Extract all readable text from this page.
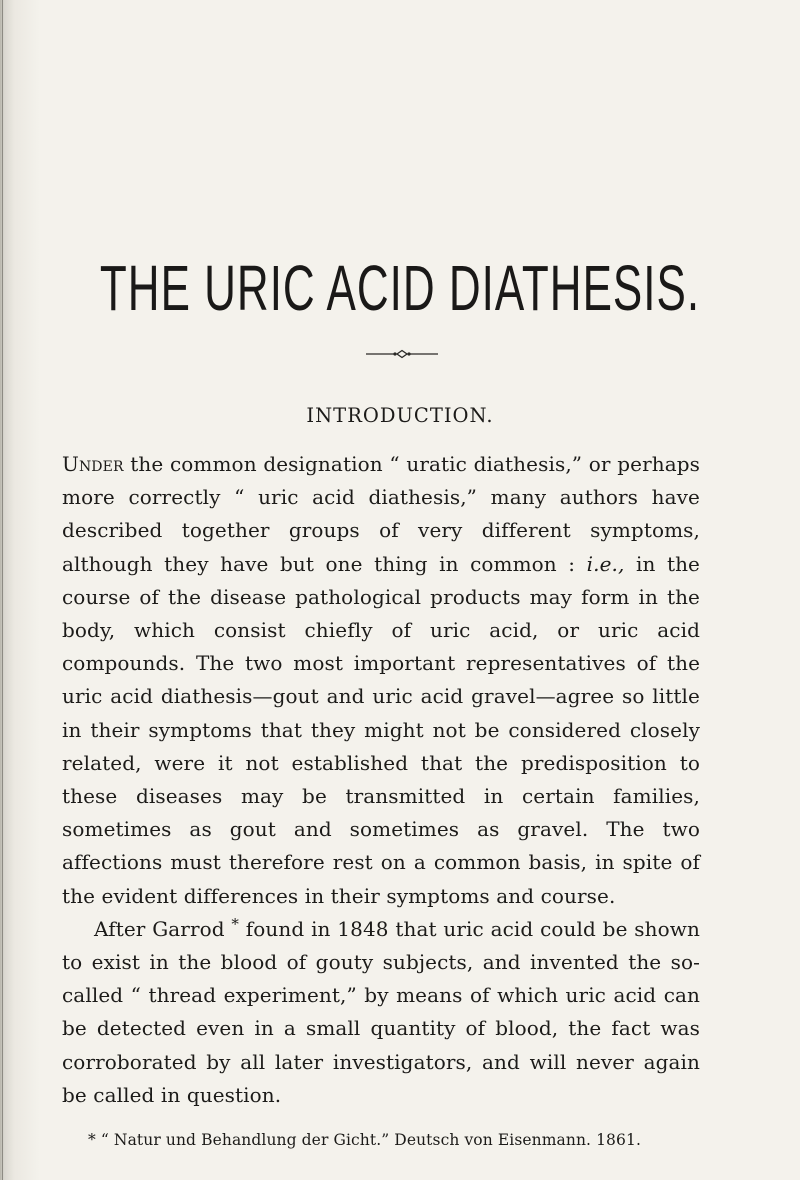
THE URIC ACID DIATHESIS.
INTRODUCTION.

Under the common designation “ uratic diathesis,” or perhaps more correctly “ uric acid diathesis,” many authors have described together groups of very different symptoms, although they have but one thing in common : i.e., in the course of the disease pathological products may form in the body, which consist chiefly of uric acid, or uric acid compounds. The two most important representatives of the uric acid diathesis—gout and uric acid gravel—agree so little in their symptoms that they might not be considered closely related, were it not established that the predisposition to these diseases may be transmitted in certain families, sometimes as gout and sometimes as gravel. The two affections must therefore rest on a common basis, in spite of the evident differences in their symptoms and course.

After Garrod * found in 1848 that uric acid could be shown to exist in the blood of gouty subjects, and invented the so-called “ thread experiment,” by means of which uric acid can be detected even in a small quantity of blood, the fact was corroborated by all later investigators, and will never again be called in question.

* “ Natur und Behandlung der Gicht.” Deutsch von Eisenmann. 1861.
